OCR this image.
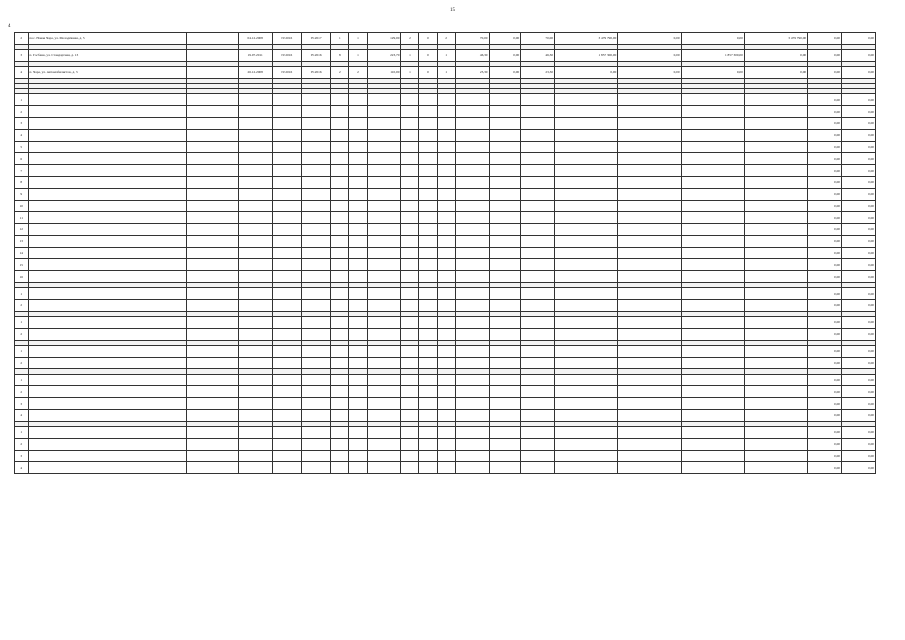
15
4
2	пос. Новая Чара, ул. Молодёжная, д. 5		04.12.2008	IV.2016	IV.2017	1	1	129,00	2	0	2	70,00	0,00	70,00	3 479 790,00	0,00	0,00	3 479 790,00	0,00	0,00

3	п. Госбанк, ул. Стандартная, д. 13		19.07.2011	IV.2016	IV.2016	8	1	223,70	1	0	1	46,30	0,00	46,30	1 857 300,00	0,00	1 857 300,00	0,00	0,00	0,00

4	п. Чара, ул. Автомобилистов, д. 3		26.12.2008	IV.2016	IV.2016	2	2	110,00	1	0	1	23,30	0,00	23,30	0,00	0,00	0,00	0,00	0,00	0,00

1																			0,00	0,00
2																			0,00	0,00
3																			0,00	0,00
4																			0,00	0,00
5																			0,00	0,00
6																			0,00	0,00
7																			0,00	0,00
8																			0,00	0,00
9																			0,00	0,00
10																			0,00	0,00
11																			0,00	0,00
12																			0,00	0,00
13																			0,00	0,00
14																			0,00	0,00
15																			0,00	0,00
16																			0,00	0,00

1																			0,00	0,00
2																			0,00	0,00

1																			0,00	0,00
2																			0,00	0,00

1																			0,00	0,00
2																			0,00	0,00

1																			0,00	0,00
2																			0,00	0,00
3																			0,00	0,00
4																			0,00	0,00

1																			0,00	0,00
2																			0,00	0,00
3																			0,00	0,00
4																			0,00	0,00
